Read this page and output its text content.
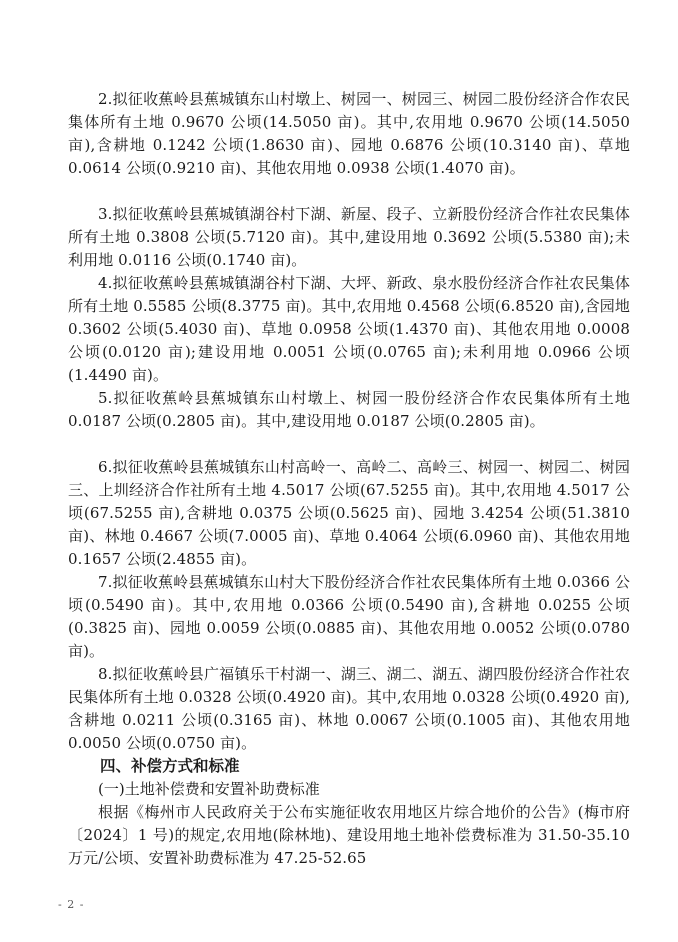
2.拟征收蕉岭县蕉城镇东山村墩上、树园一、树园三、树园二股份经济合作农民集体所有土地 0.9670 公顷(14.5050 亩)。其中,农用地 0.9670 公顷(14.5050 亩),含耕地 0.1242 公顷(1.8630 亩)、园地 0.6876 公顷(10.3140 亩)、草地 0.0614 公顷(0.9210 亩)、其他农用地 0.0938 公顷(1.4070 亩)。

3.拟征收蕉岭县蕉城镇湖谷村下湖、新屋、段子、立新股份经济合作社农民集体所有土地 0.3808 公顷(5.7120 亩)。其中,建设用地 0.3692 公顷(5.5380 亩);未利用地 0.0116 公顷(0.1740 亩)。

4.拟征收蕉岭县蕉城镇湖谷村下湖、大坪、新政、泉水股份经济合作社农民集体所有土地 0.5585 公顷(8.3775 亩)。其中,农用地 0.4568 公顷(6.8520 亩),含园地 0.3602 公顷(5.4030 亩)、草地 0.0958 公顷(1.4370 亩)、其他农用地 0.0008 公顷(0.0120 亩);建设用地 0.0051 公顷(0.0765 亩);未利用地 0.0966 公顷(1.4490 亩)。

5.拟征收蕉岭县蕉城镇东山村墩上、树园一股份经济合作农民集体所有土地 0.0187 公顷(0.2805 亩)。其中,建设用地 0.0187 公顷(0.2805 亩)。

6.拟征收蕉岭县蕉城镇东山村高岭一、高岭二、高岭三、树园一、树园二、树园三、上圳经济合作社所有土地 4.5017 公顷(67.5255 亩)。其中,农用地 4.5017 公顷(67.5255 亩),含耕地 0.0375 公顷(0.5625 亩)、园地 3.4254 公顷(51.3810 亩)、林地 0.4667 公顷(7.0005 亩)、草地 0.4064 公顷(6.0960 亩)、其他农用地 0.1657 公顷(2.4855 亩)。

7.拟征收蕉岭县蕉城镇东山村大下股份经济合作社农民集体所有土地 0.0366 公顷(0.5490 亩)。其中,农用地 0.0366 公顷(0.5490 亩),含耕地 0.0255 公顷(0.3825 亩)、园地 0.0059 公顷(0.0885 亩)、其他农用地 0.0052 公顷(0.0780 亩)。

8.拟征收蕉岭县广福镇乐干村湖一、湖三、湖二、湖五、湖四股份经济合作社农民集体所有土地 0.0328 公顷(0.4920 亩)。其中,农用地 0.0328 公顷(0.4920 亩),含耕地 0.0211 公顷(0.3165 亩)、林地 0.0067 公顷(0.1005 亩)、其他农用地 0.0050 公顷(0.0750 亩)。

四、补偿方式和标准

(一)土地补偿费和安置补助费标准

根据《梅州市人民政府关于公布实施征收农用地区片综合地价的公告》(梅市府〔2024〕1 号)的规定,农用地(除林地)、建设用地土地补偿费标准为 31.50-35.10 万元/公顷、安置补助费标准为 47.25-52.65

- 2 -
